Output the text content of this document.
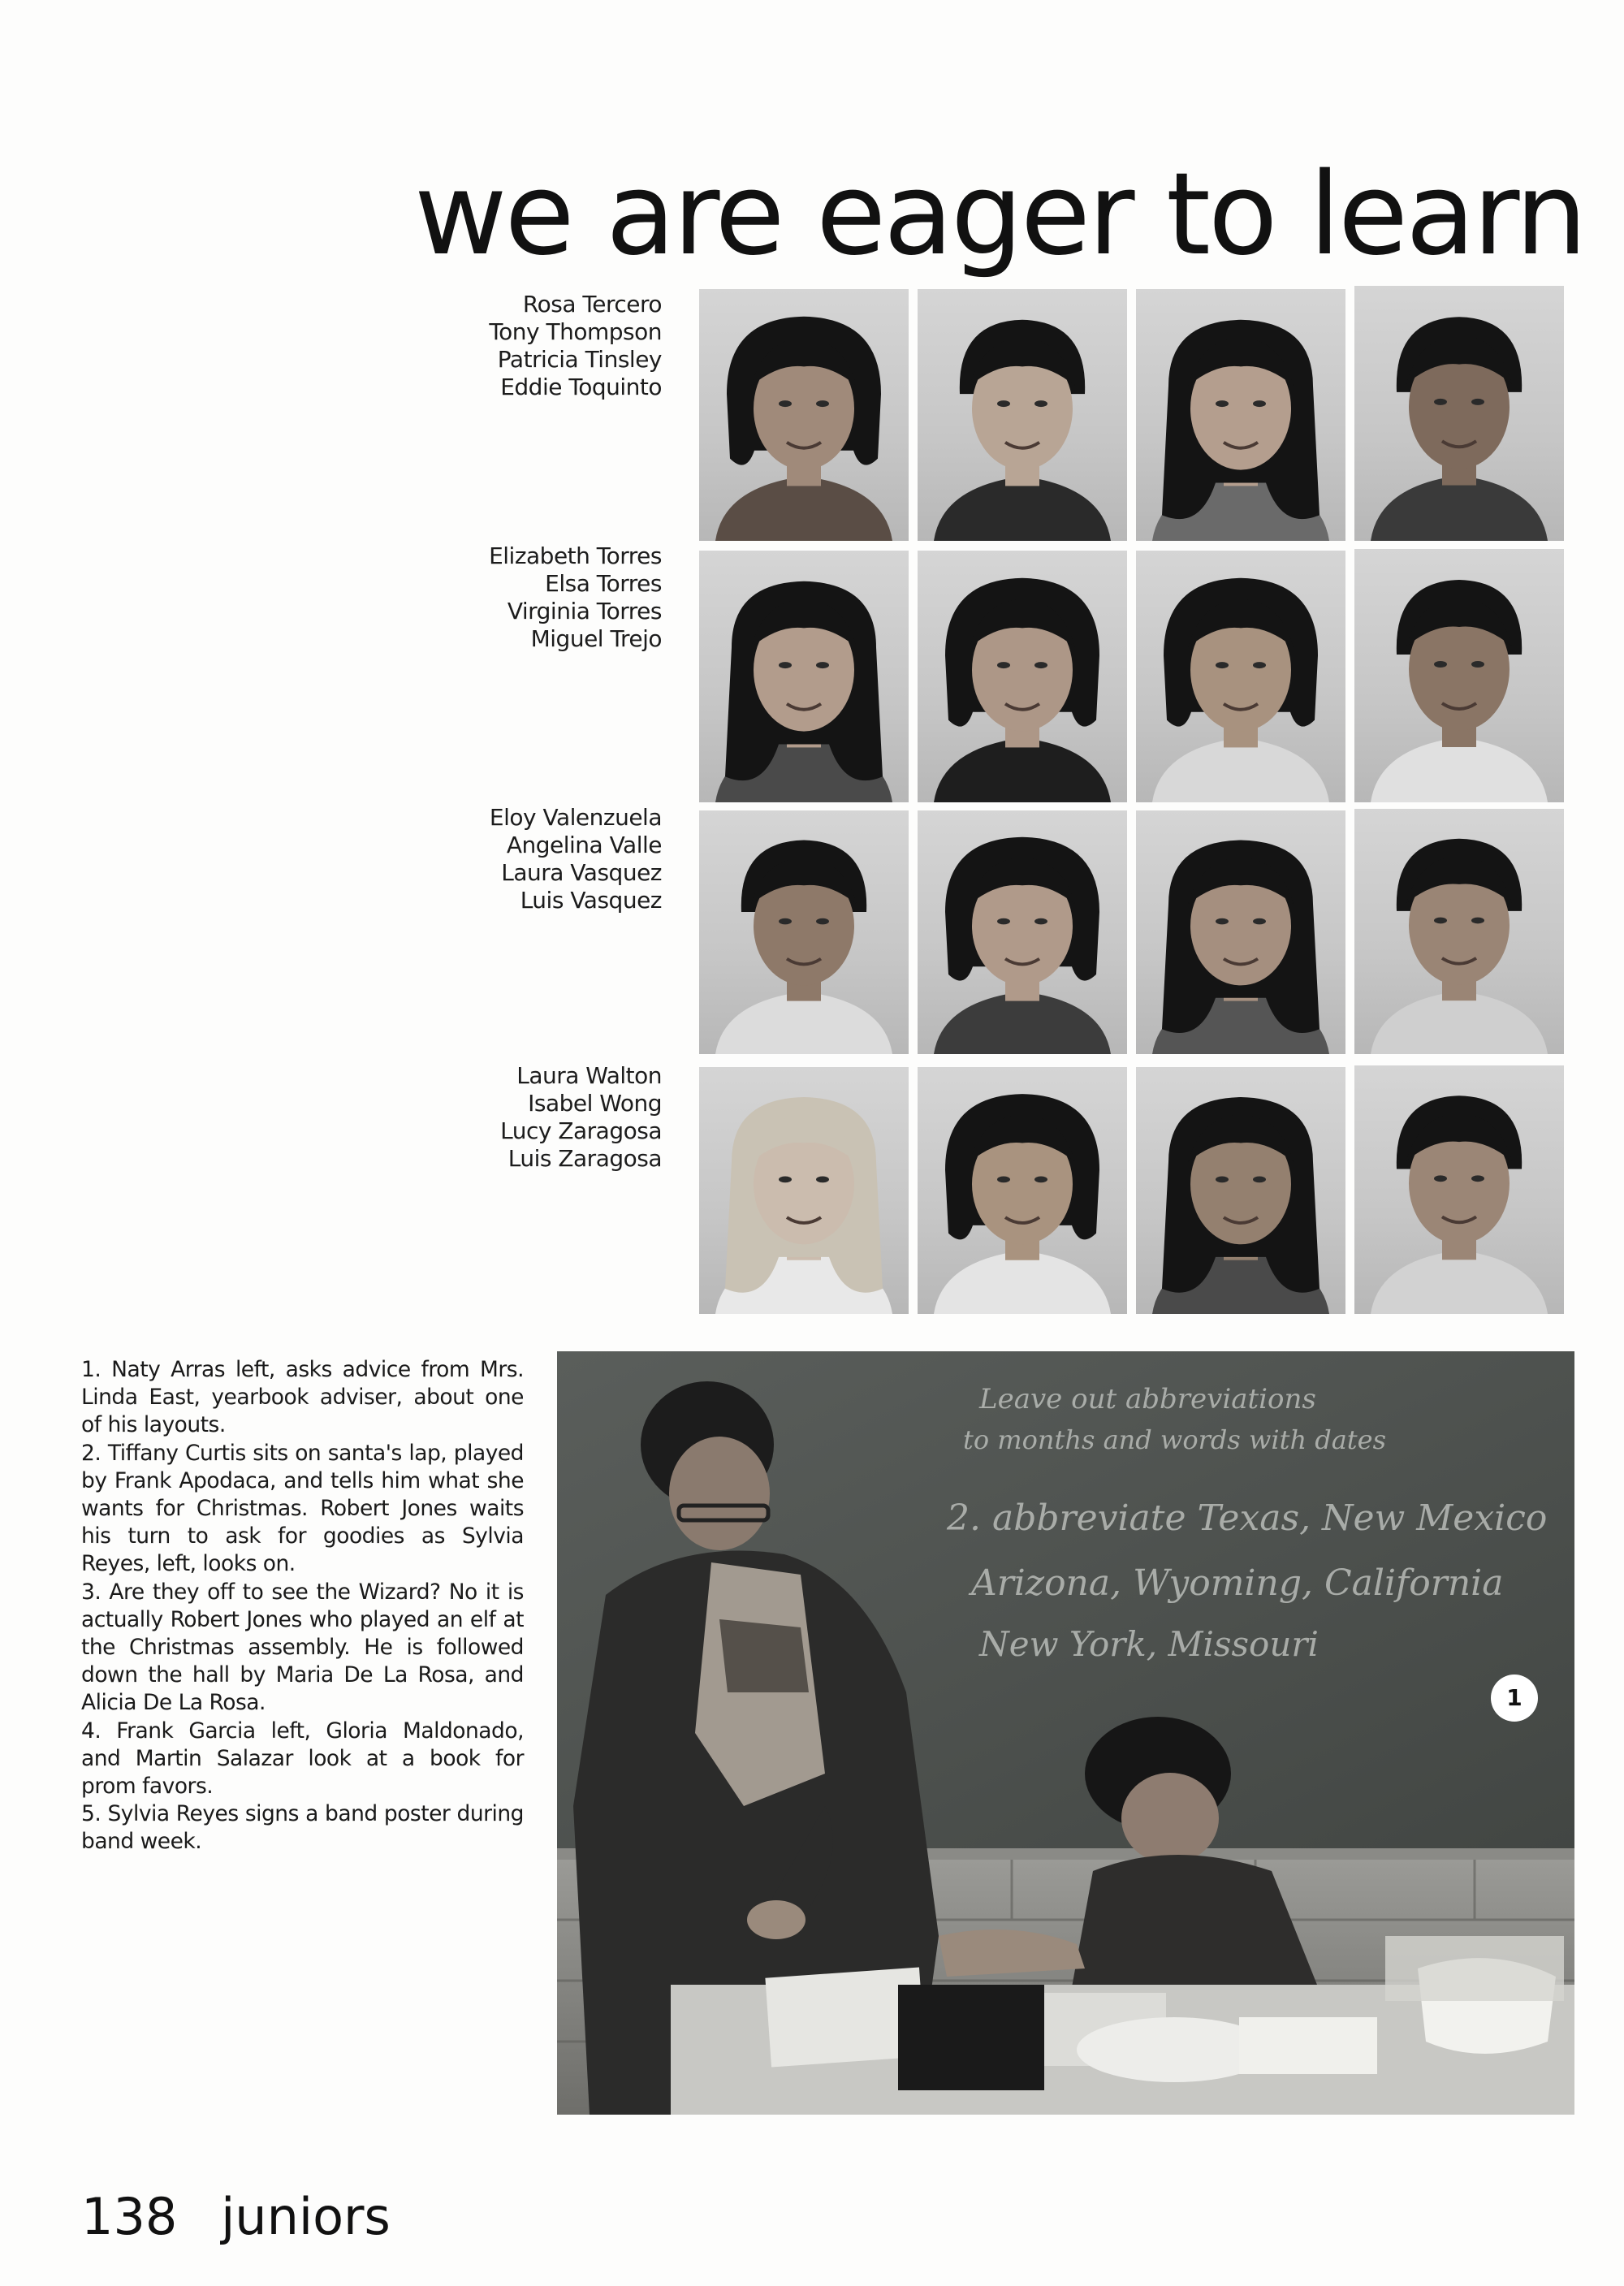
we are eager to learn
Rosa Tercero
Tony Thompson
Patricia Tinsley
Eddie Toquinto
Elizabeth Torres
Elsa Torres
Virginia Torres
Miguel Trejo
Eloy Valenzuela
Angelina Valle
Laura Vasquez
Luis Vasquez
Laura Walton
Isabel Wong
Lucy Zaragosa
Luis Zaragosa

1. Naty Arras left, asks advice from Mrs. Linda East, yearbook adviser, about one of his layouts.

2. Tiffany Curtis sits on santa's lap, played by Frank Apodaca, and tells him what she wants for Christmas. Robert Jones waits his turn to ask for goodies as Sylvia Reyes, left, looks on.

3. Are they off to see the Wizard? No it is actually Robert Jones who played an elf at the Christmas assembly. He is followed down the hall by Maria De La Rosa, and Alicia De La Rosa.

4. Frank Garcia left, Gloria Maldonado, and Martin Salazar look at a book for prom favors.

5. Sylvia Reyes signs a band poster during band week.

Leave out abbreviations
to months and words with dates
2. abbreviate Texas, New Mexico
Arizona, Wyoming, California
New York, Missouri
1
138 juniors
